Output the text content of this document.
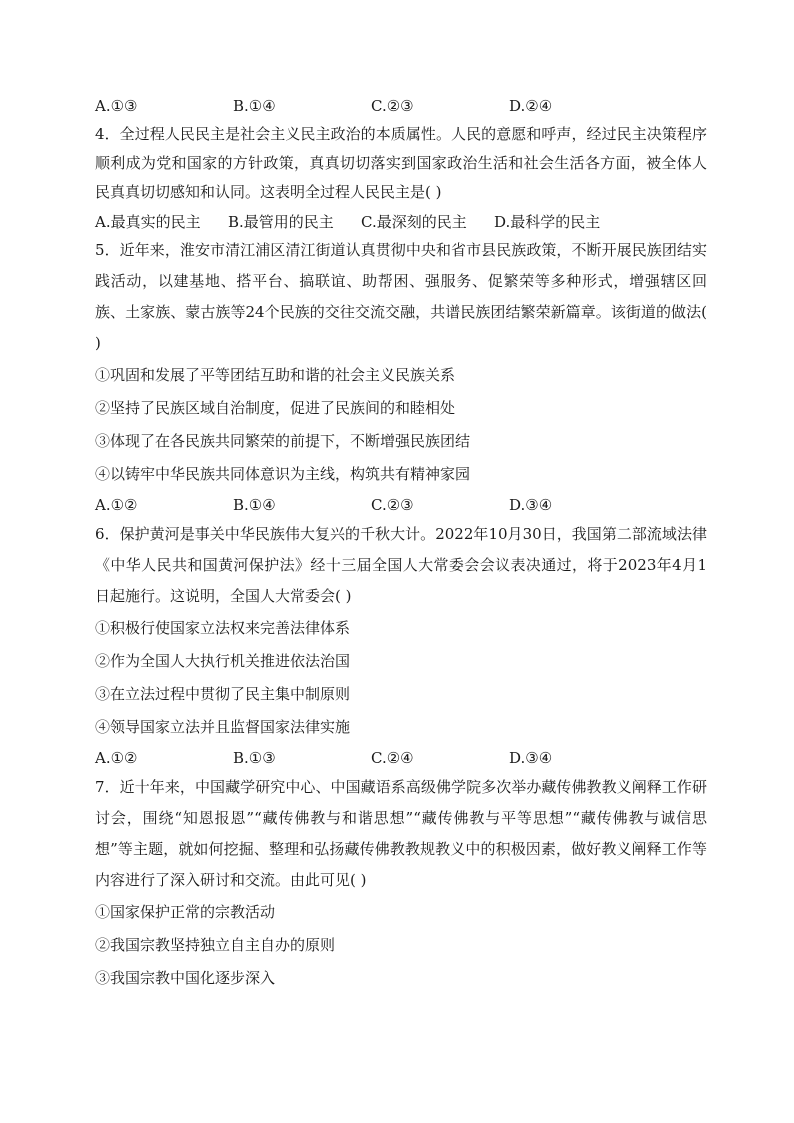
A.①③	B.①④	C.②③	D.②④

4．全过程人民民主是社会主义民主政治的本质属性。人民的意愿和呼声，经过民主决策程序顺利成为党和国家的方针政策，真真切切落实到国家政治生活和社会生活各方面，被全体人民真真切切感知和认同。这表明全过程人民民主是( )

A.最真实的民主	B.最管用的民主	C.最深刻的民主	D.最科学的民主

5．近年来，淮安市清江浦区清江街道认真贯彻中央和省市县民族政策，不断开展民族团结实践活动，以建基地、搭平台、搞联谊、助帮困、强服务、促繁荣等多种形式，增强辖区回族、土家族、蒙古族等24个民族的交往交流交融，共谱民族团结繁荣新篇章。该街道的做法( )

①巩固和发展了平等团结互助和谐的社会主义民族关系
②坚持了民族区域自治制度，促进了民族间的和睦相处
③体现了在各民族共同繁荣的前提下，不断增强民族团结
④以铸牢中华民族共同体意识为主线，构筑共有精神家园
A.①②	B.①④	C.②③	D.③④

6．保护黄河是事关中华民族伟大复兴的千秋大计。2022年10月30日，我国第二部流域法律《中华人民共和国黄河保护法》经十三届全国人大常委会会议表决通过，将于2023年4月1日起施行。这说明，全国人大常委会( )

①积极行使国家立法权来完善法律体系
②作为全国人大执行机关推进依法治国
③在立法过程中贯彻了民主集中制原则
④领导国家立法并且监督国家法律实施
A.①②	B.①③	C.②④	D.③④

7．近十年来，中国藏学研究中心、中国藏语系高级佛学院多次举办藏传佛教教义阐释工作研讨会，围绕“知恩报恩”“藏传佛教与和谐思想”“藏传佛教与平等思想”“藏传佛教与诚信思想”等主题，就如何挖掘、整理和弘扬藏传佛教教规教义中的积极因素，做好教义阐释工作等内容进行了深入研讨和交流。由此可见( )

①国家保护正常的宗教活动
②我国宗教坚持独立自主自办的原则
③我国宗教中国化逐步深入
